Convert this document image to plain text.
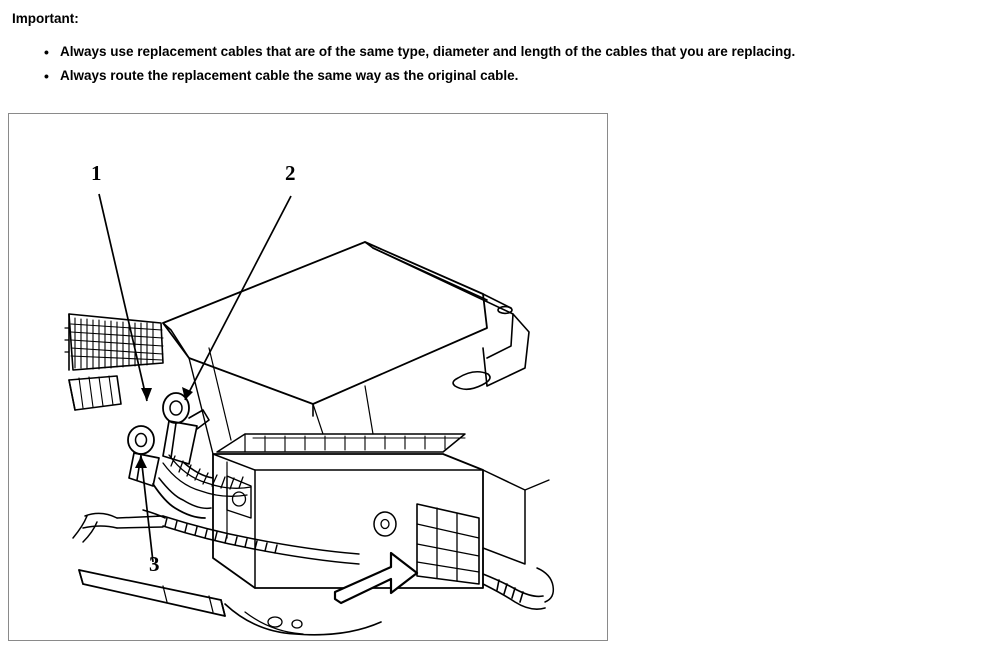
Important:
• Always use replacement cables that are of the same type, diameter and length of the cables that you are replacing.
• Always route the replacement cable the same way as the original cable.
1	2
3
